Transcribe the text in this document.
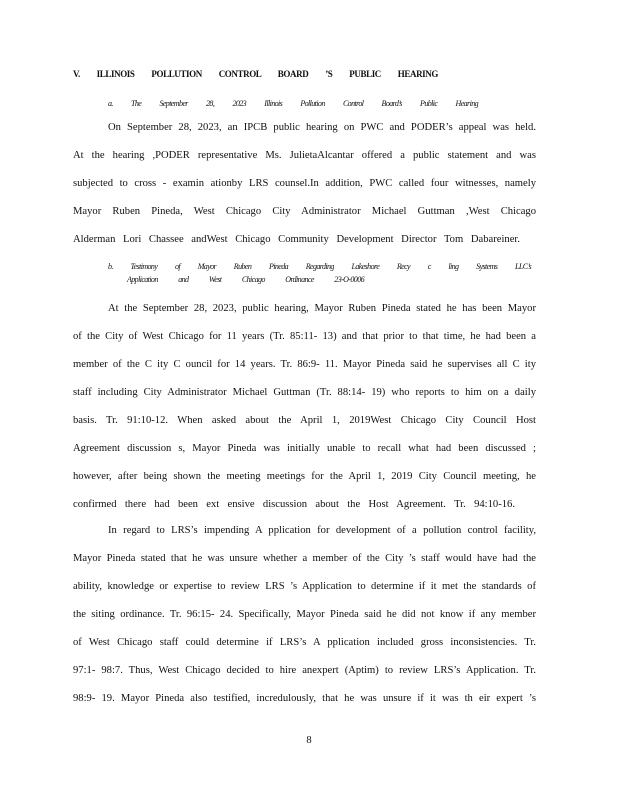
V. ILLINOIS POLLUTION CONTROL BOARD ’S PUBLIC HEARING
a. The September 28, 2023 Illinois Pollution Control Board’s Public Hearing
On September 28, 2023, an IPCB public hearing on PWC and PODER’s appeal was held.
At the hearing ,PODER representative Ms. JulietaAlcantar offered a public statement and was
subjected to cross - examin ationby LRS counsel.In addition, PWC called four witnesses, namely
Mayor Ruben Pineda, West Chicago City Administrator Michael Guttman ,West Chicago
Alderman Lori Chassee andWest Chicago Community Development Director Tom Dabareiner.
b. Testimony of Mayor Ruben Pineda Regarding Lakeshore Recy c ling Systems LLC’s
Application and West Chicago Ordinance 23-O-0006
At the September 28, 2023, public hearing, Mayor Ruben Pineda stated he has been Mayor
of the City of West Chicago for 11 years (Tr. 85:11- 13) and that prior to that time, he had been a
member of the C ity C ouncil for 14 years. Tr. 86:9- 11. Mayor Pineda said he supervises all C ity
staff including City Administrator Michael Guttman (Tr. 88:14- 19) who reports to him on a daily
basis. Tr. 91:10-12. When asked about the April 1, 2019West Chicago City Council Host
Agreement discussion s, Mayor Pineda was initially unable to recall what had been discussed ;
however, after being shown the meeting meetings for the April 1, 2019 City Council meeting, he
confirmed there had been ext ensive discussion about the Host Agreement. Tr. 94:10-16.
In regard to LRS’s impending A pplication for development of a pollution control facility,
Mayor Pineda stated that he was unsure whether a member of the City ’s staff would have had the
ability, knowledge or expertise to review LRS ’s Application to determine if it met the standards of
the siting ordinance. Tr. 96:15- 24. Specifically, Mayor Pineda said he did not know if any member
of West Chicago staff could determine if LRS’s A pplication included gross inconsistencies. Tr.
97:1- 98:7. Thus, West Chicago decided to hire anexpert (Aptim) to review LRS’s Application. Tr.
98:9- 19. Mayor Pineda also testified, incredulously, that he was unsure if it was th eir expert ’s
8
